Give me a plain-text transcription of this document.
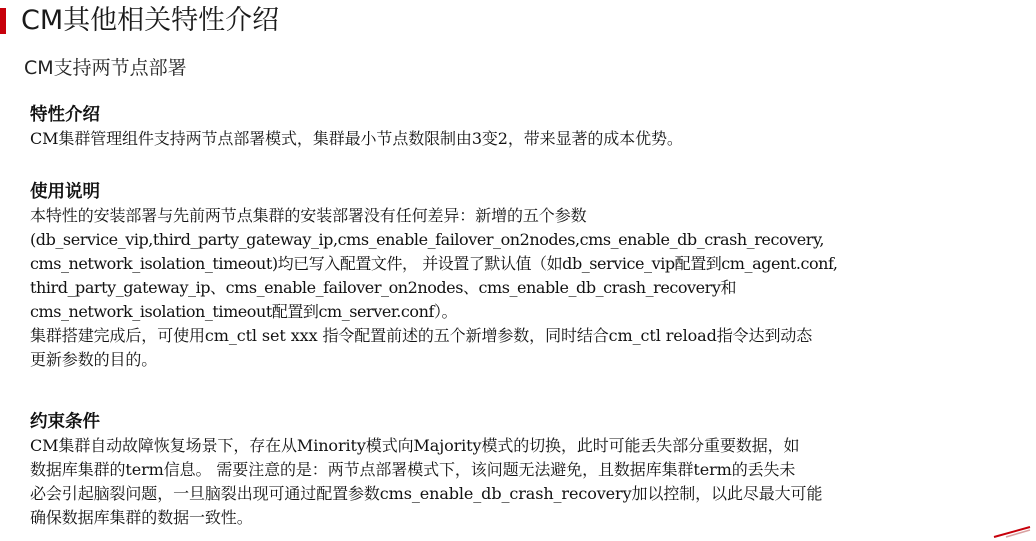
CM其他相关特性介绍
CM支持两节点部署
特性介绍
CM集群管理组件支持两节点部署模式，集群最小节点数限制由3变2，带来显著的成本优势。
使用说明
本特性的安装部署与先前两节点集群的安装部署没有任何差异：新增的五个参数
(db_service_vip,third_party_gateway_ip,cms_enable_failover_on2nodes,cms_enable_db_crash_recovery,
cms_network_isolation_timeout)均已写入配置文件， 并设置了默认值（如db_service_vip配置到cm_agent.conf,
third_party_gateway_ip、cms_enable_failover_on2nodes、cms_enable_db_crash_recovery和
cms_network_isolation_timeout配置到cm_server.conf）。
集群搭建完成后，可使用cm_ctl set xxx 指令配置前述的五个新增参数，同时结合cm_ctl reload指令达到动态
更新参数的目的。
约束条件
CM集群自动故障恢复场景下，存在从Minority模式向Majority模式的切换，此时可能丢失部分重要数据，如
数据库集群的term信息。 需要注意的是：两节点部署模式下，该问题无法避免，且数据库集群term的丢失未
必会引起脑裂问题，一旦脑裂出现可通过配置参数cms_enable_db_crash_recovery加以控制，以此尽最大可能
确保数据库集群的数据一致性。
